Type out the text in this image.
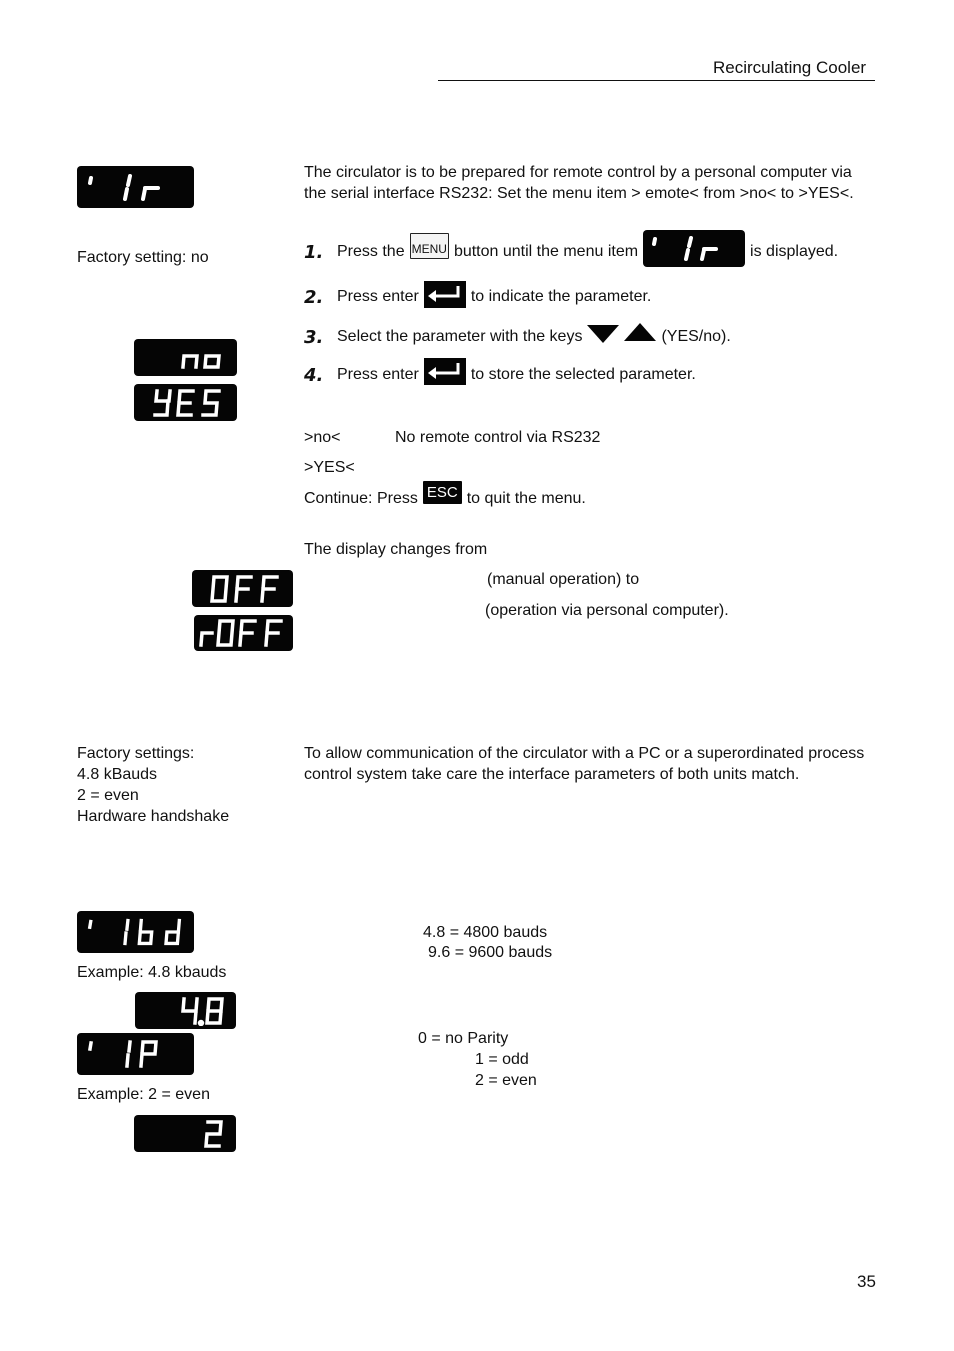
Recirculating Cooler
Factory setting: no
The circulator is to be prepared for remote control by a personal computer via the serial interface RS232: Set the menu item > emote< from >no< to >YES<.
1. Press the MENU button until the menu item	is displayed.
2. Press enter	to indicate the parameter.
3. Select the parameter with the keys	(YES/no).
4. Press enter	to store the selected parameter.
>no<	No remote control via RS232
>YES<
Continue: Press ESC to quit the menu.
The display changes from
(manual operation) to
(operation via personal computer).
Factory settings:
4.8 kBauds
2 = even
Hardware handshake
To allow communication of the circulator with a PC or a superordinated process control system take care the interface parameters of both units match.
Example: 4.8 kbauds
4.8 = 4800 bauds
9.6 = 9600 bauds
Example: 2 = even
0 = no Parity
1 = odd
2 = even
35
